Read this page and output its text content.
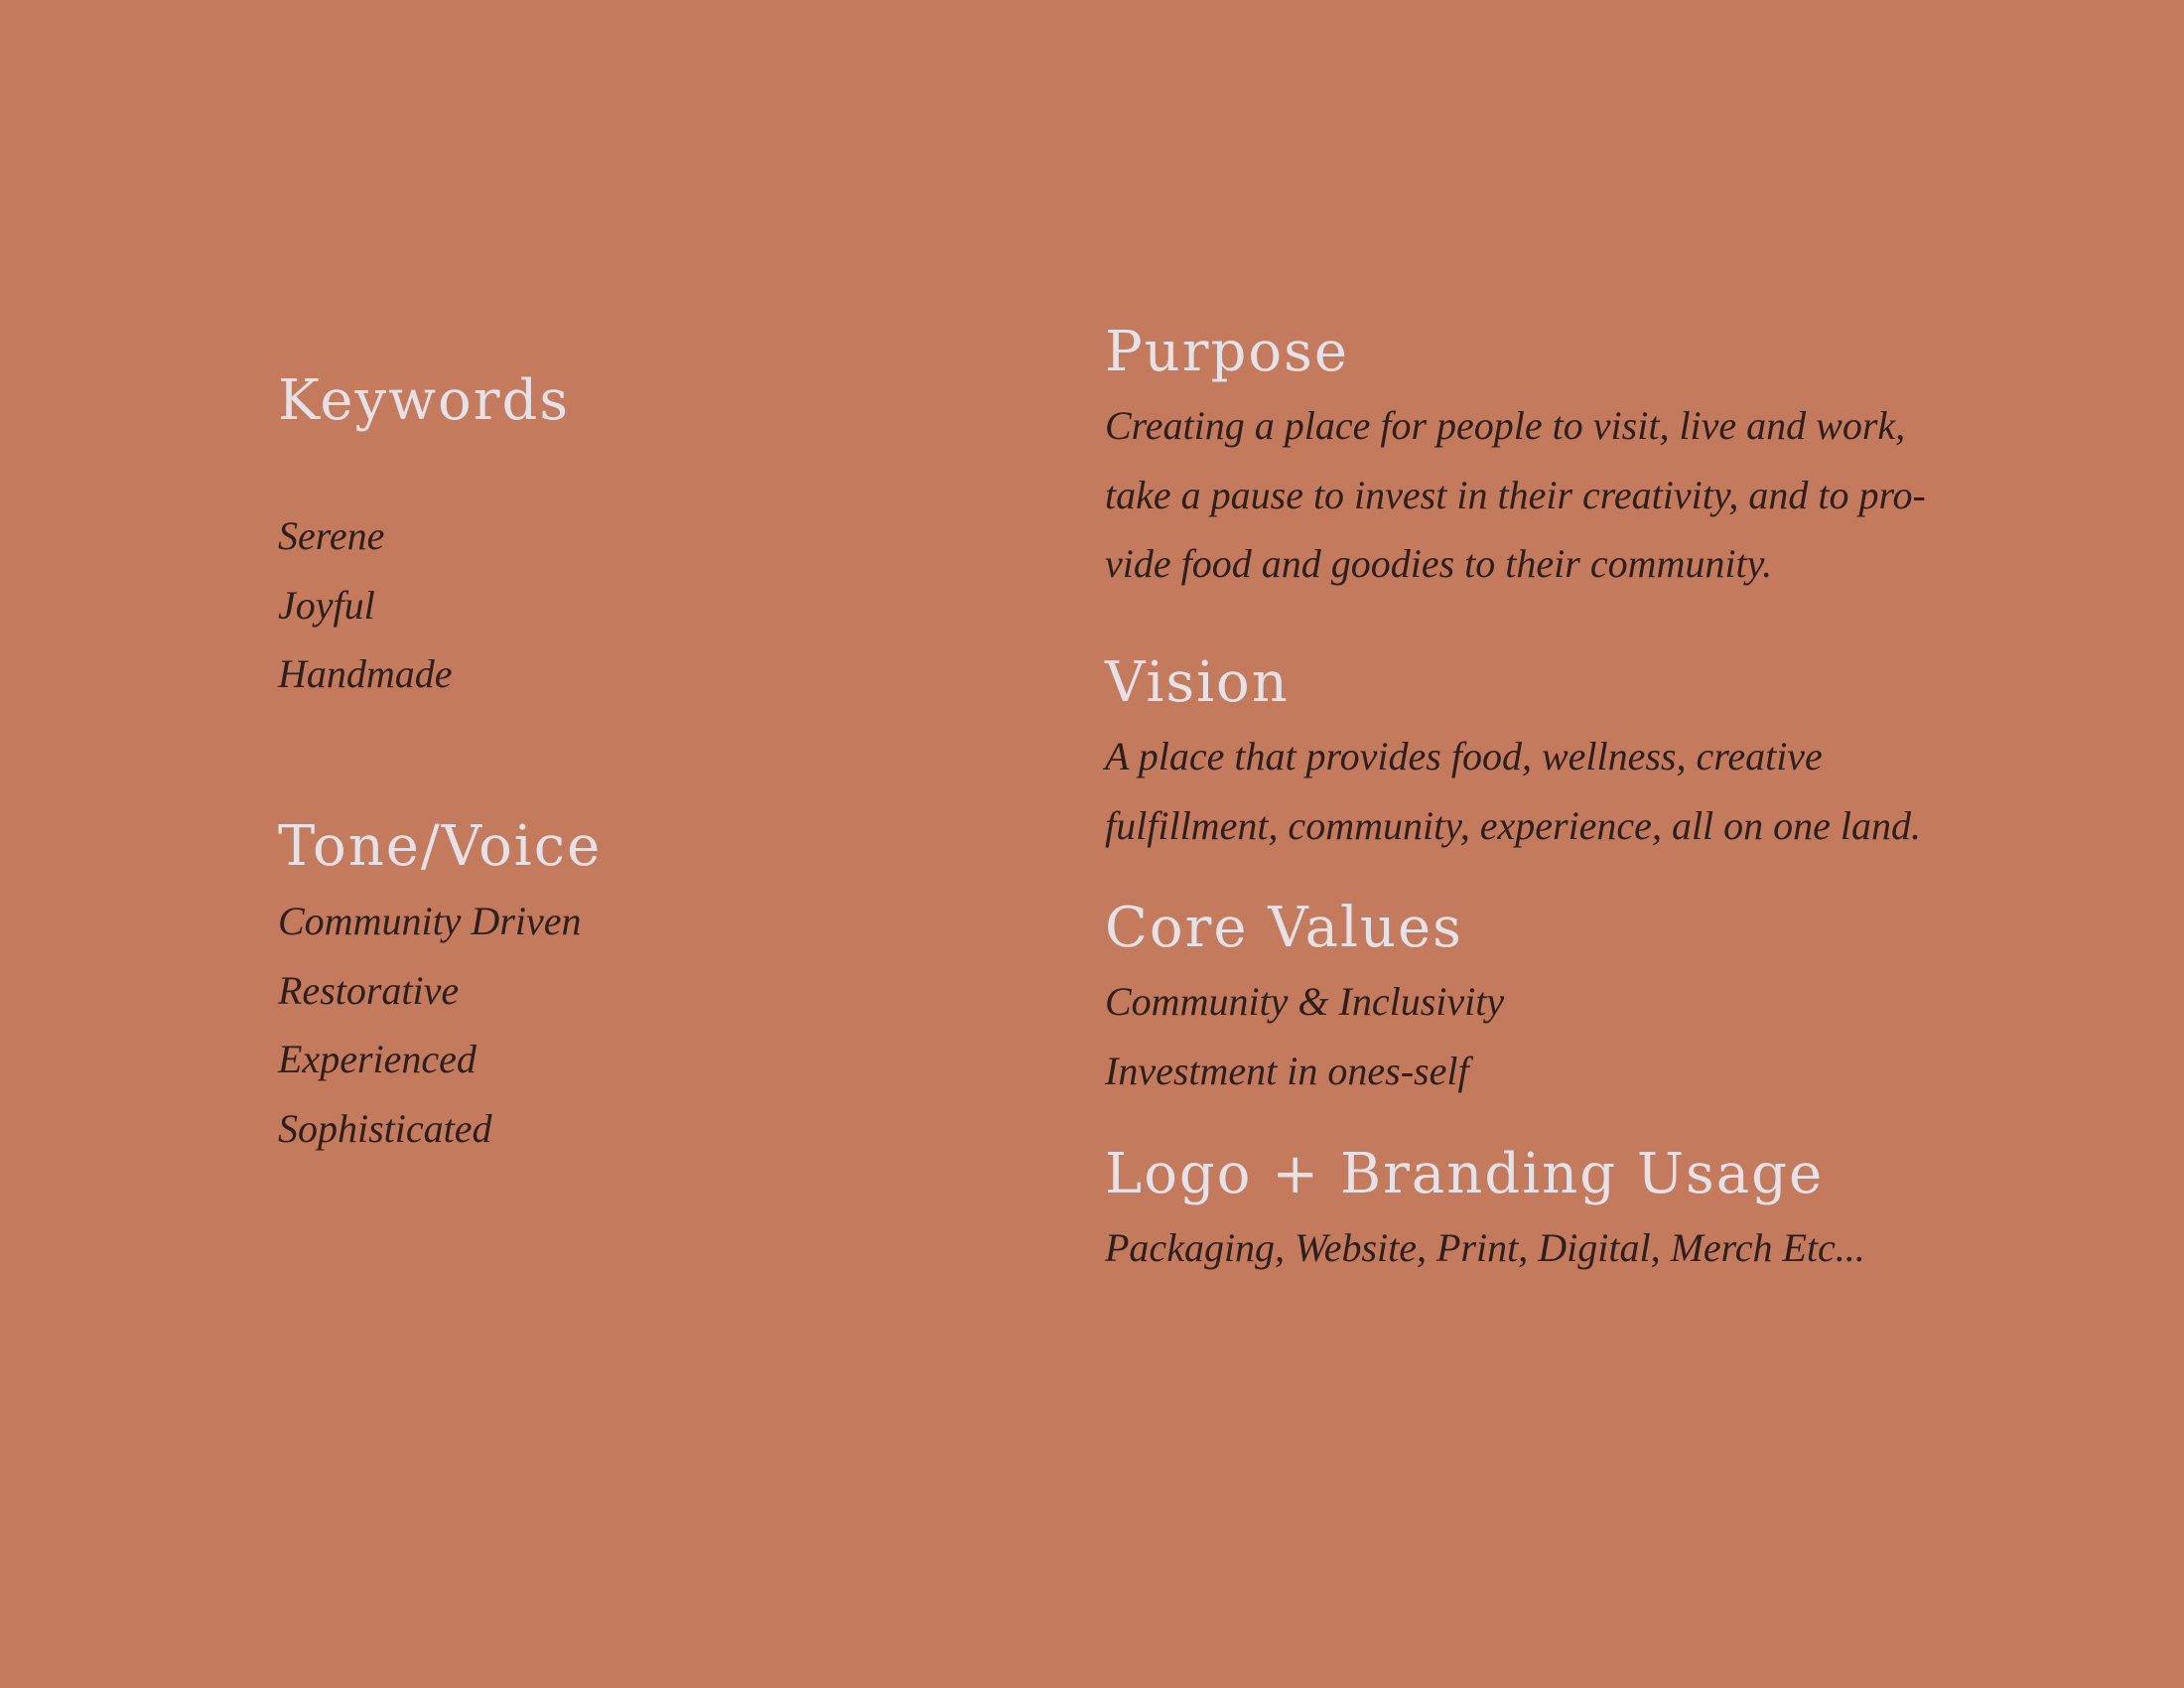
Keywords
Serene
Joyful
Handmade
Tone/Voice
Community Driven
Restorative
Experienced
Sophisticated
Purpose

Creating a place for people to visit, live and work,
take a pause to invest in their creativity, and to pro-
vide food and goodies to their community.

Vision

A place that provides food, wellness, creative
fulfillment, community, experience, all on one land.

Core Values
Community & Inclusivity
Investment in ones-self
Logo + Branding Usage

Packaging, Website, Print, Digital, Merch Etc...
